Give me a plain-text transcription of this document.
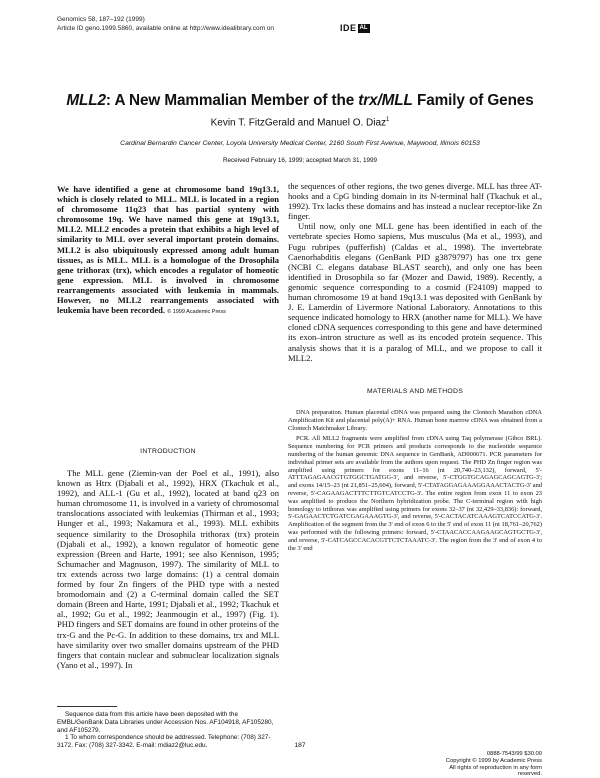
Genomics 58, 187–192 (1999)
Article ID geno.1999.5860, available online at http://www.idealibrary.com on	IDE AL
MLL2: A New Mammalian Member of the trx/MLL Family of Genes
Kevin T. FitzGerald and Manuel O. Diaz$^1$
Cardinal Bernardin Cancer Center, Loyola University Medical Center, 2160 South First Avenue, Maywood, Illinois 60153
Received February 16, 1999; accepted March 31, 1999

We have identified a gene at chromosome band 19q13.1, which is closely related to MLL. MLL is located in a region of chromosome 11q23 that has partial synteny with chromosome 19q. We have named this gene at 19q13.1, MLL2. MLL2 encodes a protein that exhibits a high level of similarity to MLL over several important protein domains. MLL2 is also ubiquitously expressed among adult human tissues, as is MLL. MLL is a homologue of the Drosophila gene trithorax (trx), which encodes a regulator of homeotic gene expression. MLL is involved in chromosome rearrangements associated with leukemia in mammals. However, no MLL2 rearrangements associated with leukemia have been recorded. © 1999 Academic Press

INTRODUCTION

The MLL gene (Ziemin-van der Poel et al., 1991), also known as Htrx (Djabali et al., 1992), HRX (Tkachuk et al., 1992), and ALL-1 (Gu et al., 1992), located at band q23 on human chromosome 11, is involved in a variety of chromosomal translocations associated with leukemias (Thirman et al., 1993; Hunger et al., 1993; Nakamura et al., 1993). MLL exhibits sequence similarity to the Drosophila trithorax (trx) protein (Djabali et al., 1992), a known regulator of homeotic gene expression (Breen and Harte, 1991; see also Kennison, 1995; Schumacher and Magnuson, 1997). The similarity of MLL to trx extends across two large domains: (1) a central domain formed by four Zn fingers of the PHD type with a nested bromodomain and (2) a C-terminal domain called the SET domain (Breen and Harte, 1991; Djabali et al., 1992; Tkachuk et al., 1992; Gu et al., 1992; Jeanmougin et al., 1997) (Fig. 1). PHD fingers and SET domains are found in other proteins of the trx-G and the Pc-G. In addition to these domains, trx and MLL have similarity over two smaller domains upstream of the PHD fingers that contain nuclear and subnuclear localization signals (Yano et al., 1997). In

the sequences of other regions, the two genes diverge. MLL has three AT-hooks and a CpG binding domain in its N-terminal half (Tkachuk et al., 1992). Trx lacks these domains and has instead a nuclear receptor-like Zn finger.

Until now, only one MLL gene has been identified in each of the vertebrate species Homo sapiens, Mus musculus (Ma et al., 1993), and Fugu rubripes (pufferfish) (Caldas et al., 1998). The invertebrate Caenorhabditis elegans (GenBank PID g3879797) has one trx gene (NCBI C. elegans database BLAST search), and only one has been identified in Drosophila so far (Mozer and Dawid, 1989). Recently, a genomic sequence corresponding to a cosmid (F24109) mapped to human chromosome 19 at band 19q13.1 was deposited with GenBank by J. E. Lamerdin of Livermore National Laboratory. Annotations to this sequence indicated homology to HRX (another name for MLL). We have cloned cDNA sequences corresponding to this gene and have determined its exon–intron structure as well as its encoded protein sequence. This analysis shows that it is a paralog of MLL, and we propose to call it MLL2.

MATERIALS AND METHODS

DNA preparation. Human placental cDNA was prepared using the Clontech Marathon cDNA Amplification Kit and placental poly(A)+ RNA. Human bone marrow cDNA was obtained from a Clontech Matchmaker Library.

PCR. All MLL2 fragments were amplified from cDNA using Taq polymerase (Gibco BRL). Sequence numbering for PCR primers and products corresponds to the nucleotide sequence numbering of the human genomic DNA sequence in GenBank, AD000671. PCR parameters for individual primer sets are available from the authors upon request. The PHD Zn finger region was amplified using primers for exons 11–16 (nt 20,740–23,132), forward, 5'-ATTTAGAGAACGTGTGGCTGATGG-3', and reverse, 5'-CTGGTGCAGAGCAGCAGTG-3'; and exons 14/15–23 (nt 21,851–25,604), forward, 5'-CTATAGGAGAAAGGAAACTACTG-3' and reverse, 5'-CAGAAGACTTTCTTGTCATCCTG-3'. The entire region from exon 11 to exon 23 was amplified to produce the Northern hybridization probe. The C-terminal region with high homology to trithorax was amplified using primers for exons 32–37 (nt 32,429–33,836): forward, 5'-GAGAACTCTGATCGAGAAAGTG-3', and reverse, 5'-CACTACATCAAAGTCATCCATG-3'. Amplification of the segment from the 3' end of exon 6 to the 5' end of exon 11 (nt 18,761–20,762) was performed with the following primers: forward, 5'-CTAACACCAAGAAGCAGTGCTG-3', and reverse, 5'-CATCAGCCACACGTTCTCTAAATC-3'. The region from the 3' end of exon 4 to the 3' end

Sequence data from this article have been deposited with the EMBL/GenBank Data Libraries under Accession Nos. AF104918, AF105280, and AF105279.

1 To whom correspondence should be addressed. Telephone: (708) 327-3172. Fax: (708) 327-3342. E-mail: mdiaz2@luc.edu.	187
0888-7543/99 $30.00
Copyright © 1999 by Academic Press
All rights of reproduction in any form reserved.
